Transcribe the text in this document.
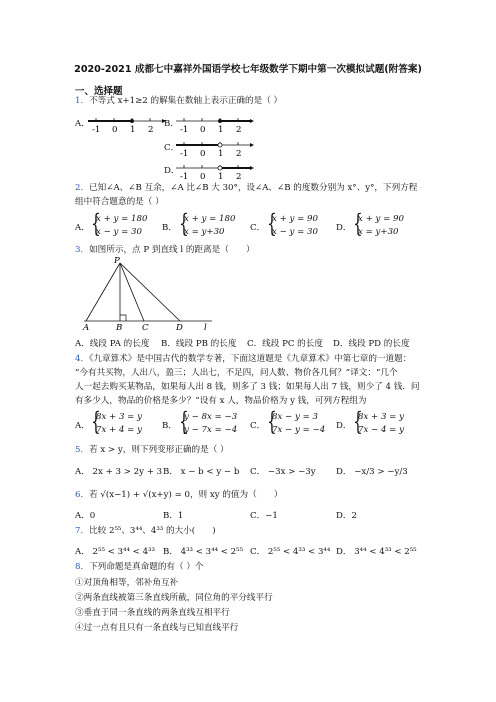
2020-2021 成都七中嘉祥外国语学校七年级数学下期中第一次模拟试题(附答案)
一、选择题
1．不等式 x+1≥2 的解集在数轴上表示正确的是（ ）
A．
-1 0 1 2
B．
-1 0 1 2
C．
-1 0 1 2
D．
-1 0 1 2
2．已知∠A、∠B 互余，∠A 比∠B 大 30°，设∠A、∠B 的度数分别为 x°、y°，下列方程
组中符合题意的是（ ）
A． {
x + y = 180
x − y = 30 B． {
x + y = 180
x = y+30	C． {
x + y = 90
x − y = 30 D． {
x + y = 90
x = y+30
3．如图所示，点 P 到直线 l 的距离是（　　）
P
A	B C	D l
A．线段 PA 的长度 B．线段 PB 的长度 C．线段 PC 的长度 D．线段 PD 的长度
4．《九章算术》是中国古代的数学专著，下面这道题是《九章算术》中第七章的一道题：
“今有共买物，人出八，盈三；人出七，不足四，问人数、物价各几何？”译文：“几个
人一起去购买某物品，如果每人出 8 钱，则多了 3 钱；如果每人出 7 钱，则少了 4 钱．问
有多少人，物品的价格是多少？”设有 x 人，物品价格为 y 钱，可列方程组为
A． {
8x + 3 = y
7x + 4 = y B． {
y − 8x = −3
y − 7x = −4 C． {
8x − y = 3
7x − y = −4 D． {
8x + 3 = y
7x − 4 = y
5．若 x > y，则下列变形正确的是（ ）
A． 2x + 3 > 2y + 3 B． x − b < y − b C． −3x > −3y D． −x/3 > −y/3
6．若 √(x−1) + √(x+y) = 0，则 xy 的值为（　　）
A．0	B．1	C．−1	D．2
7．比较 2⁵⁵、3⁴⁴、4³³ 的大小(　　)
A． 2⁵⁵ < 3⁴⁴ < 4³³ B． 4³³ < 3⁴⁴ < 2⁵⁵ C． 2⁵⁵ < 4³³ < 3⁴⁴ D． 3⁴⁴ < 4³³ < 2⁵⁵
8．下列命题是真命题的有（ ）个
①对顶角相等，邻补角互补
②两条直线被第三条直线所截，同位角的平分线平行
③垂直于同一条直线的两条直线互相平行
④过一点有且只有一条直线与已知直线平行
